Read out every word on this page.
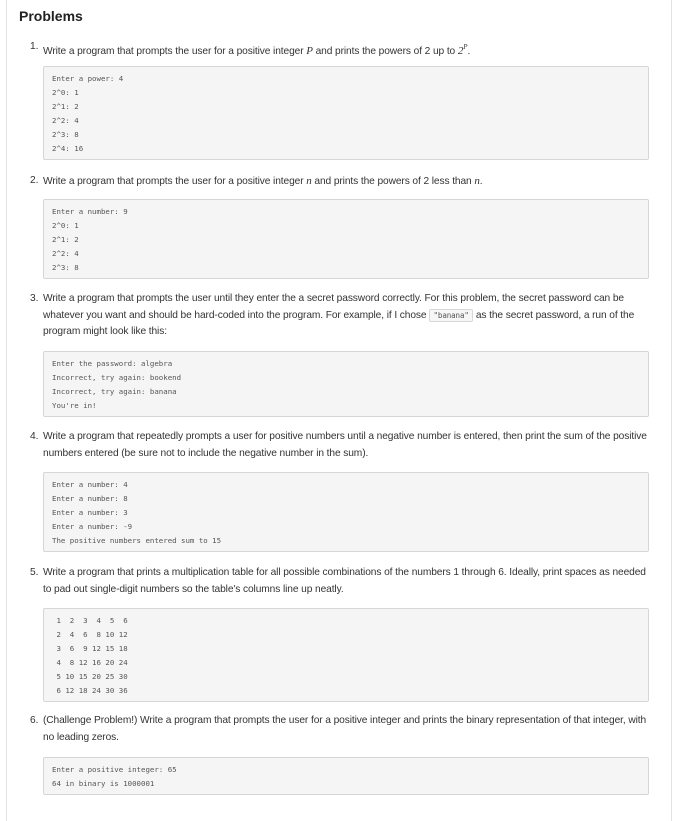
Problems

1. Write a program that prompts the user for a positive integer P and prints the powers of 2 up to $2^P$.

Enter a power: 4
2^0: 1
2^1: 2
2^2: 4
2^3: 8
2^4: 16

2. Write a program that prompts the user for a positive integer n and prints the powers of 2 less than n.

Enter a number: 9
2^0: 1
2^1: 2
2^2: 4
2^3: 8

3. Write a program that prompts the user until they enter the a secret password correctly. For this problem, the secret password can be whatever you want and should be hard-coded into the program. For example, if I chose "banana" as the secret password, a run of the program might look like this:

Enter the password: algebra
Incorrect, try again: bookend
Incorrect, try again: banana
You're in!

4. Write a program that repeatedly prompts a user for positive numbers until a negative number is entered, then print the sum of the positive numbers entered (be sure not to include the negative number in the sum).

Enter a number: 4
Enter a number: 8
Enter a number: 3
Enter a number: -9
The positive numbers entered sum to 15

5. Write a program that prints a multiplication table for all possible combinations of the numbers 1 through 6. Ideally, print spaces as needed to pad out single-digit numbers so the table's columns line up neatly.

1  2  3  4  5  6
2  4  6  8 10 12
3  6  9 12 15 18
4  8 12 16 20 24
5 10 15 20 25 30
6 12 18 24 30 36

6. (Challenge Problem!) Write a program that prompts the user for a positive integer and prints the binary representation of that integer, with no leading zeros.

Enter a positive integer: 65
64 in binary is 1000001
